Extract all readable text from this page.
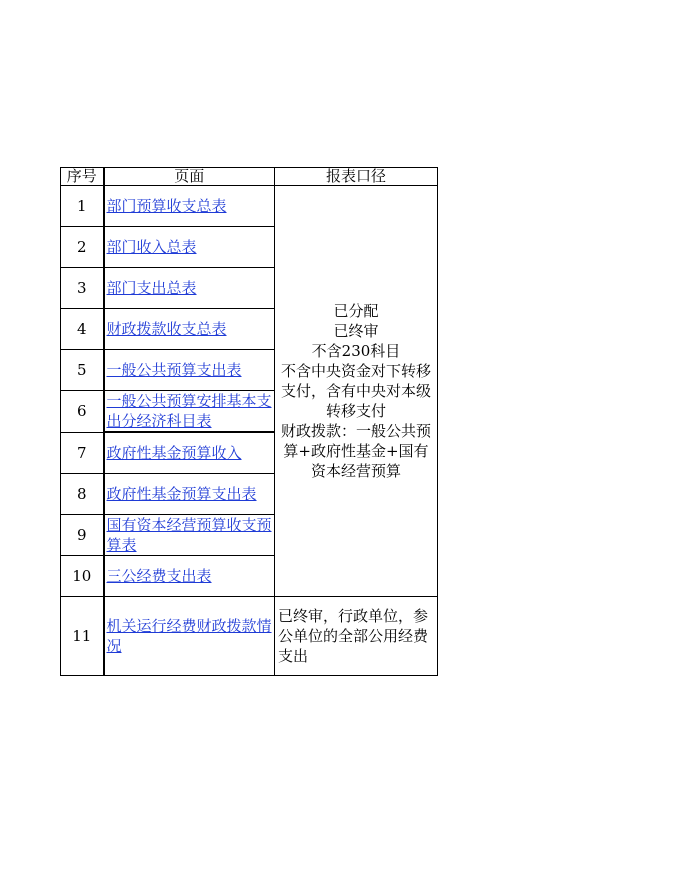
序号	页面	报表口径
1	部门预算收支总表	已分配
已终审
不含230科目
不含中央资金对下转移支付，含有中央对本级转移支付
财政拨款：一般公共预算+政府性基金+国有资本经营预算

2	部门收入总表	
3	部门支出总表	
4	财政拨款收支总表	
5	一般公共预算支出表	
6	一般公共预算安排基本支出分经济科目表	
7	政府性基金预算收入	
8	政府性基金预算支出表	
9	国有资本经营预算收支预算表	
10	三公经费支出表	
11	机关运行经费财政拨款情况	已终审，行政单位，参公单位的全部公用经费支出
